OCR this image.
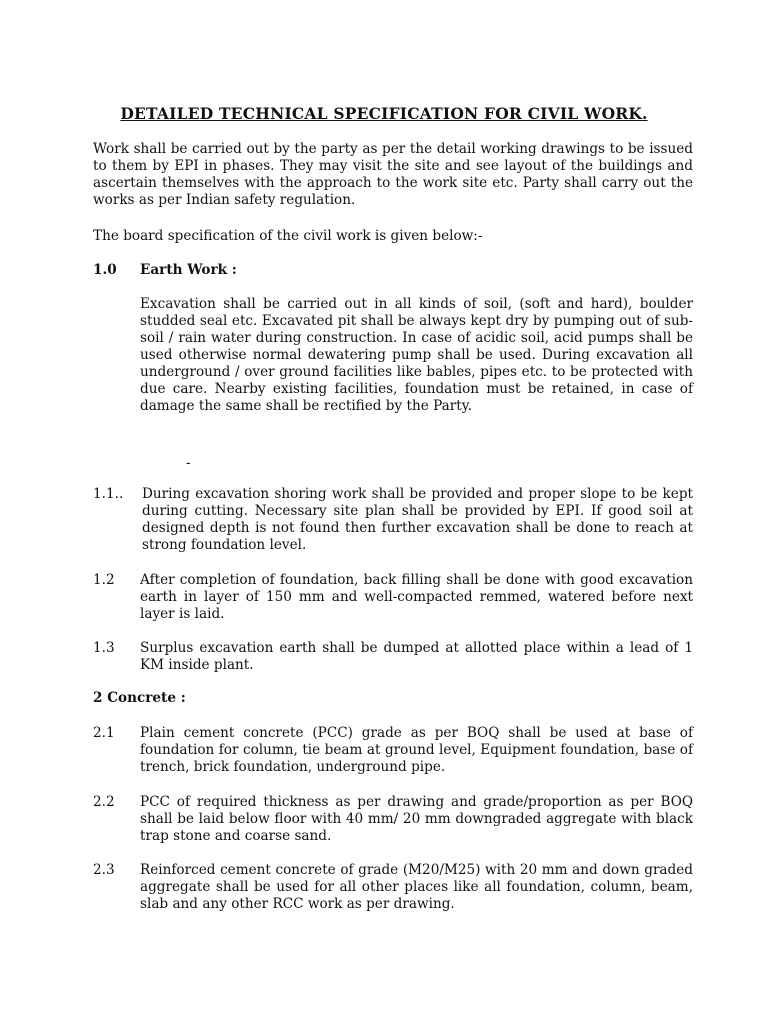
DETAILED TECHNICAL SPECIFICATION FOR CIVIL WORK.

Work shall be carried out by the party as per the detail working drawings to be issued to them by EPI in phases. They may visit the site and see layout of the buildings and ascertain themselves with the approach to the work site etc. Party shall carry out the works as per Indian safety regulation.

The board specification of the civil work is given below:-

1.0 Earth Work :

Excavation shall be carried out in all kinds of soil, (soft and hard), boulder studded seal etc. Excavated pit shall be always kept dry by pumping out of sub-soil / rain water during construction. In case of acidic soil, acid pumps shall be used otherwise normal dewatering pump shall be used. During excavation all underground / over ground facilities like bables, pipes etc. to be protected with due care. Nearby existing facilities, foundation must be retained, in case of damage the same shall be rectified by the Party.

-
1.1.. During excavation shoring work shall be provided and proper slope to be kept during cutting. Necessary site plan shall be provided by EPI. If good soil at designed depth is not found then further excavation shall be done to reach at strong foundation level.
1.2 After completion of foundation, back filling shall be done with good excavation earth in layer of 150 mm and well-compacted remmed, watered before next layer is laid.
1.3 Surplus excavation earth shall be dumped at allotted place within a lead of 1 KM inside plant.
2 Concrete :
2.1 Plain cement concrete (PCC) grade as per BOQ shall be used at base of foundation for column, tie beam at ground level, Equipment foundation, base of trench, brick foundation, underground pipe.
2.2 PCC of required thickness as per drawing and grade/proportion as per BOQ shall be laid below floor with 40 mm/ 20 mm downgraded aggregate with black trap stone and coarse sand.
2.3 Reinforced cement concrete of grade (M20/M25) with 20 mm and down graded aggregate shall be used for all other places like all foundation, column, beam, slab and any other RCC work as per drawing.
